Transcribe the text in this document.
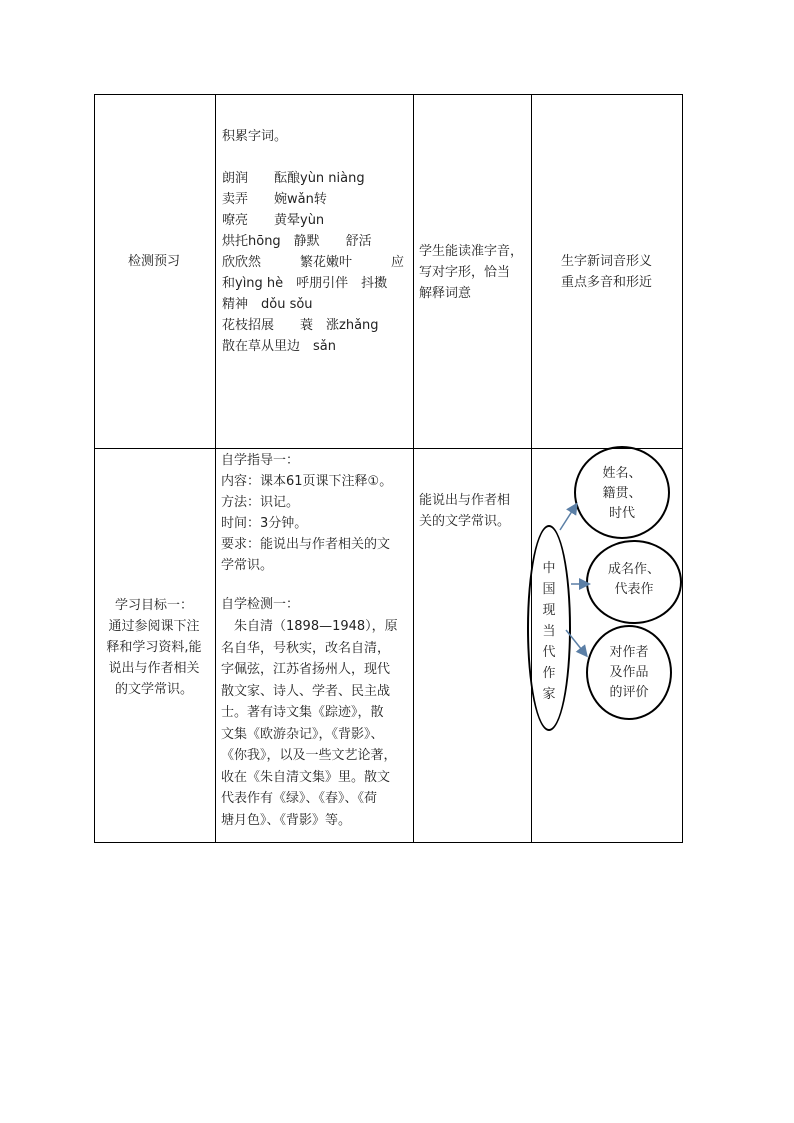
检测预习
积累字词。
朗润　　酝酿yùn niàng
卖弄　　婉wǎn转
嘹亮　　黄晕yùn
烘托hōng　静默　　舒活
欣欣然　　　繁花嫩叶　　　应
和yìng hè　呼朋引伴　抖擞
精神　dǒu sǒu
花枝招展　　蓑　涨zhǎng
散在草从里边　sǎn
学生能读准字音，
写对字形，恰当
解释词意
生字新词音形义
重点多音和形近
学习目标一：
通过参阅课下注
释和学习资料,能
说出与作者相关
的文学常识。
自学指导一：
内容：课本61页课下注释①。
方法：识记。
时间：3分钟。
要求：能说出与作者相关的文
学常识。
自学检测一：
　朱自清（1898—1948），原
名自华，号秋实，改名自清，
字佩弦，江苏省扬州人，现代
散文家、诗人、学者、民主战
士。著有诗文集《踪迹》，散
文集《欧游杂记》，《背影》、
《你我》，以及一些文艺论著，
收在《朱自清文集》里。散文
代表作有《绿》、《春》、《荷
塘月色》、《背影》等。
能说出与作者相
关的文学常识。
中
国
现
当
代
作
家
姓名、
籍贯、
时代
成名作、
代表作
对作者
及作品
的评价
